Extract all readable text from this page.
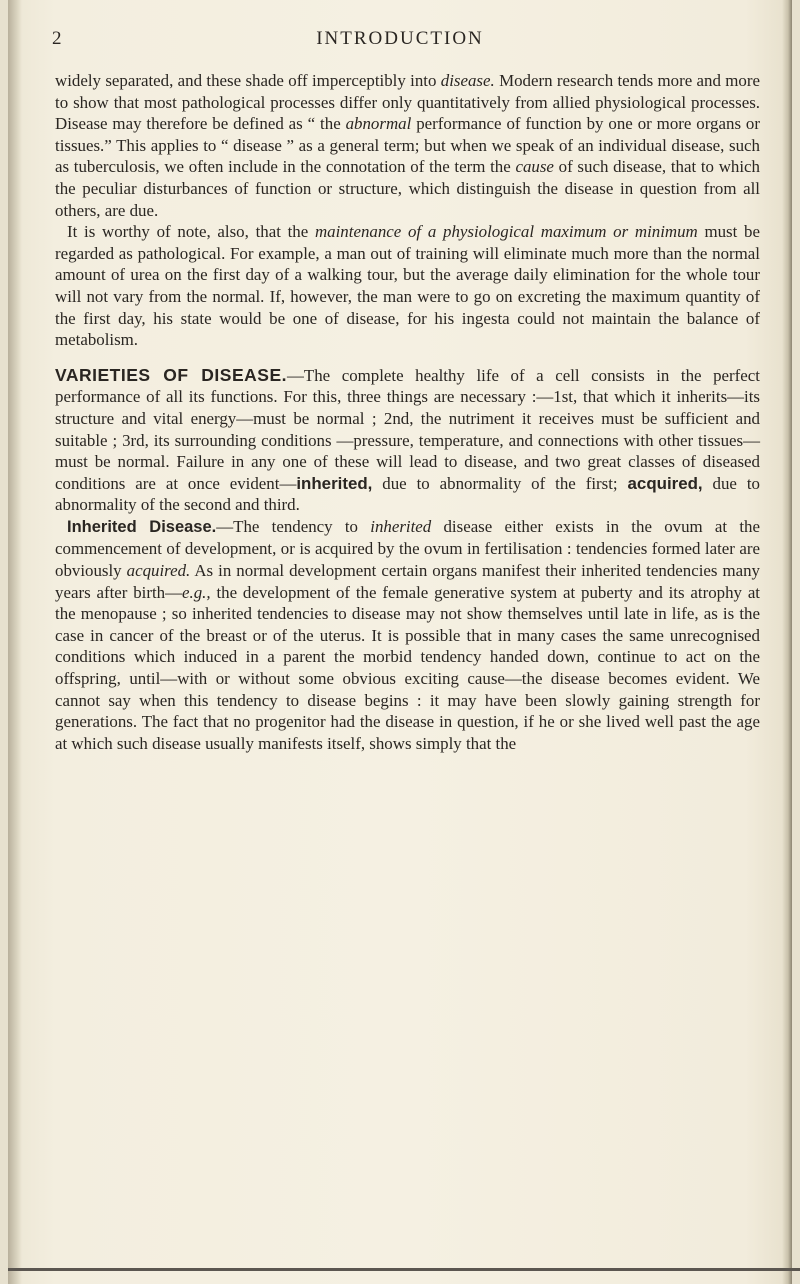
2	INTRODUCTION

widely separated, and these shade off imperceptibly into disease. Modern research tends more and more to show that most pathological processes differ only quantitatively from allied physiological processes. Disease may therefore be defined as “ the abnormal performance of function by one or more organs or tissues.” This applies to “ disease ” as a general term; but when we speak of an individual disease, such as tuberculosis, we often include in the connotation of the term the cause of such disease, that to which the peculiar disturbances of function or structure, which distinguish the disease in question from all others, are due.

It is worthy of note, also, that the maintenance of a physiological maximum or minimum must be regarded as pathological. For example, a man out of training will eliminate much more than the normal amount of urea on the first day of a walking tour, but the average daily elimination for the whole tour will not vary from the normal. If, however, the man were to go on excreting the maximum quantity of the first day, his state would be one of disease, for his ingesta could not maintain the balance of metabolism.

VARIETIES OF DISEASE.—The complete healthy life of a cell consists in the perfect performance of all its functions. For this, three things are necessary :—1st, that which it inherits—its structure and vital energy—must be normal ; 2nd, the nutriment it receives must be sufficient and suitable ; 3rd, its surrounding conditions —pressure, temperature, and connections with other tissues—must be normal. Failure in any one of these will lead to disease, and two great classes of diseased conditions are at once evident—inherited, due to abnormality of the first; acquired, due to abnormality of the second and third.

Inherited Disease.—The tendency to inherited disease either exists in the ovum at the commencement of development, or is acquired by the ovum in fertilisation : tendencies formed later are obviously acquired. As in normal development certain organs manifest their inherited tendencies many years after birth—e.g., the development of the female generative system at puberty and its atrophy at the menopause ; so inherited tendencies to disease may not show themselves until late in life, as is the case in cancer of the breast or of the uterus. It is possible that in many cases the same unrecognised conditions which induced in a parent the morbid tendency handed down, continue to act on the offspring, until—with or without some obvious exciting cause—the disease becomes evident. We cannot say when this tendency to disease begins : it may have been slowly gaining strength for generations. The fact that no progenitor had the disease in question, if he or she lived well past the age at which such disease usually manifests itself, shows simply that the
